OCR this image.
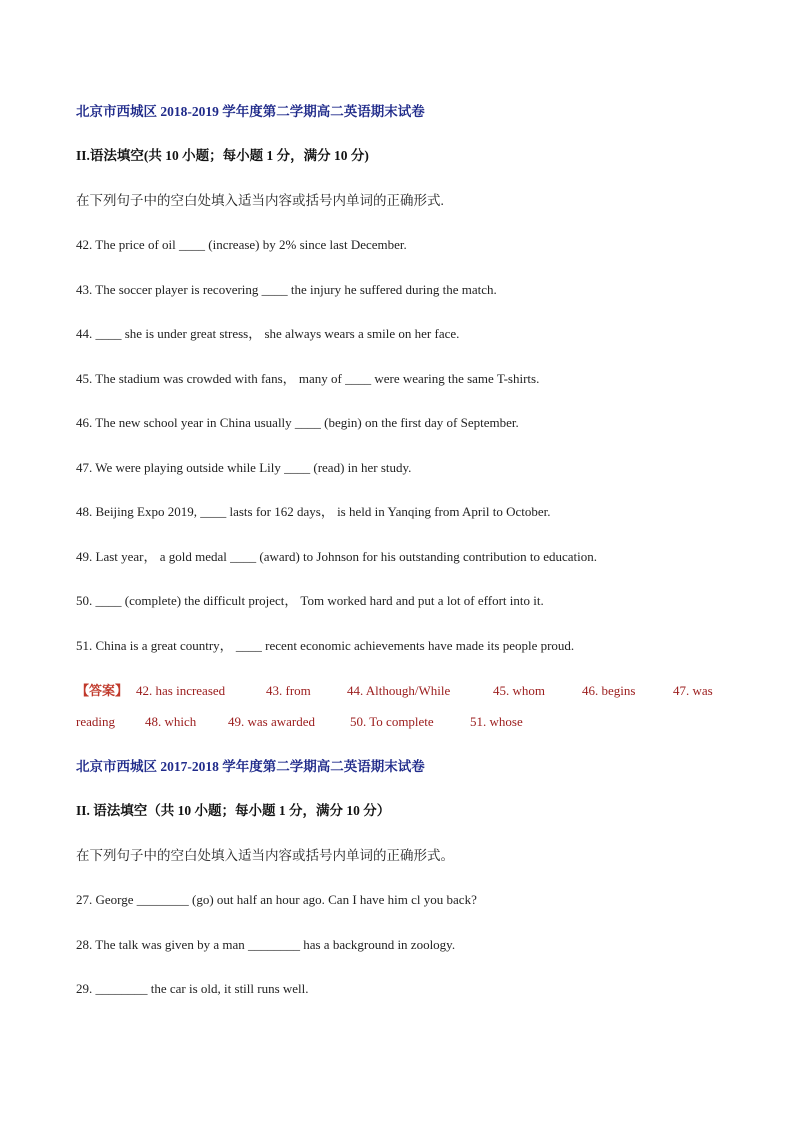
北京市西城区 2018-2019 学年度第二学期高二英语期末试卷
II.语法填空(共 10 小题；每小题 1 分，满分 10 分)
在下列句子中的空白处填入适当内容或括号内单词的正确形式.
42. The price of oil ____ (increase) by 2% since last December.
43. The soccer player is recovering ____ the injury he suffered during the match.
44. ____ she is under great stress， she always wears a smile on her face.
45. The stadium was crowded with fans， many of ____ were wearing the same T-shirts.
46. The new school year in China usually ____ (begin) on the first day of September.
47. We were playing outside while Lily ____ (read) in her study.
48. Beijing Expo 2019, ____ lasts for 162 days， is held in Yanqing from April to October.
49. Last year， a gold medal ____ (award) to Johnson for his outstanding contribution to education.
50. ____ (complete) the difficult project， Tom worked hard and put a lot of effort into it.
51. China is a great country， ____ recent economic achievements have made its people proud.
【答案】 42. has increased	43. from	44. Although/While	45. whom	46. begins	47. was
reading 48. which 49. was awarded	50. To complete	51. whose
北京市西城区 2017-2018 学年度第二学期高二英语期末试卷
II. 语法填空（共 10 小题；每小题 1 分，满分 10 分）
在下列句子中的空白处填入适当内容或括号内单词的正确形式。
27. George ________ (go) out half an hour ago. Can I have him cl you back?
28. The talk was given by a man ________ has a background in zoology.
29. ________ the car is old, it still runs well.
